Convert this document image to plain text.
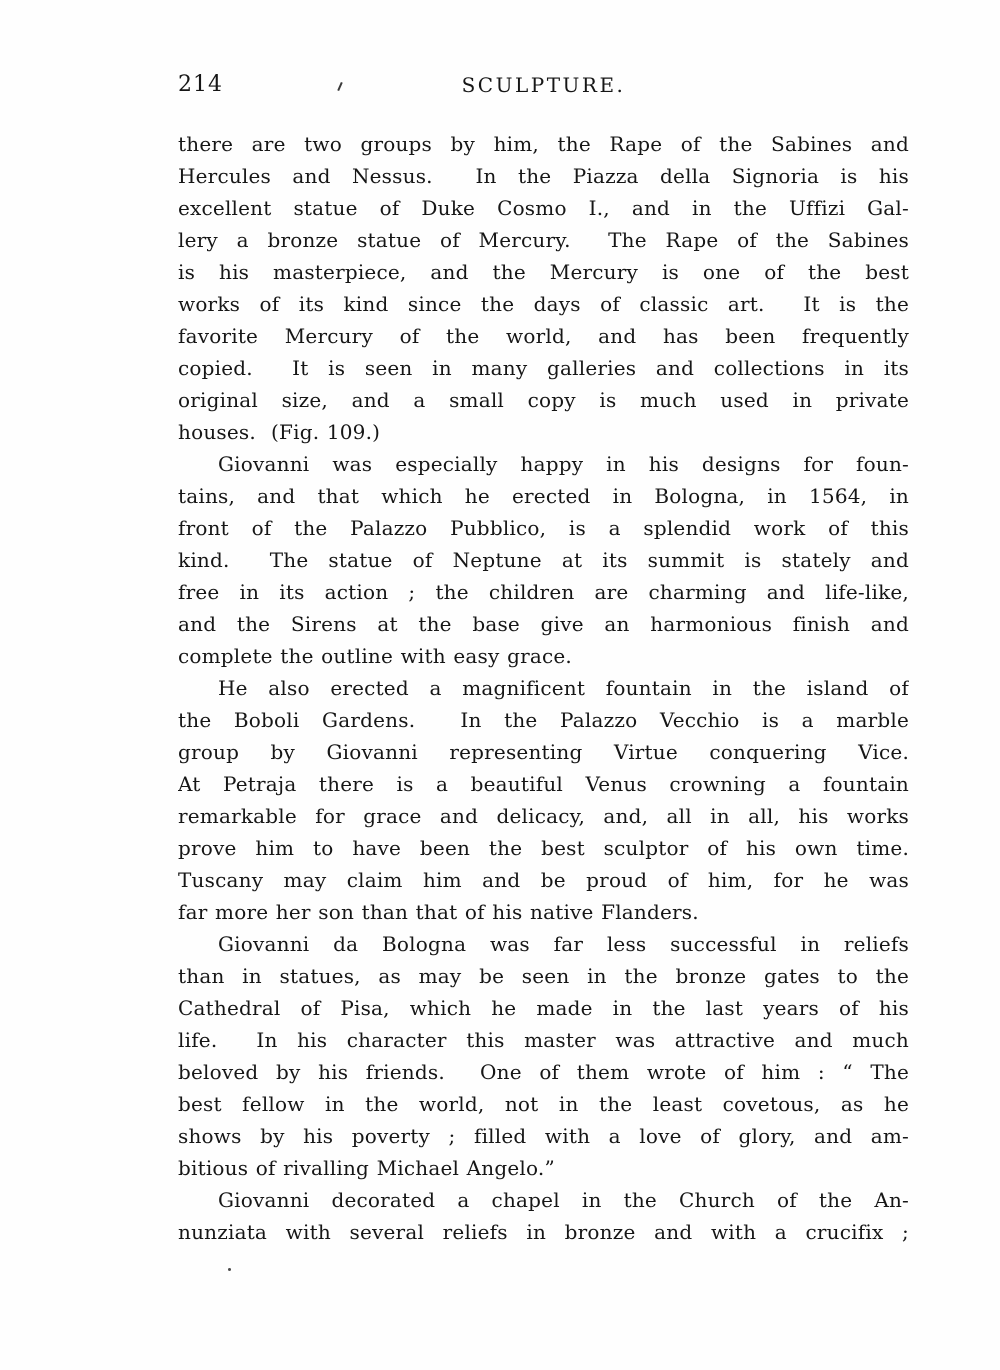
214	SCULPTURE.
there are two groups by him, the Rape of the Sabines and
Hercules and Nessus.  In the Piazza della Signoria is his
excellent statue of Duke Cosmo I., and in the Uffizi Gal-
lery a bronze statue of Mercury.  The Rape of the Sabines
is his masterpiece, and the Mercury is one of the best
works of its kind since the days of classic art.  It is the
favorite Mercury of the world, and has been frequently
copied.  It is seen in many galleries and collections in its
original size, and a small copy is much used in private
houses.  (Fig. 109.)
Giovanni was especially happy in his designs for foun-
tains, and that which he erected in Bologna, in 1564, in
front of the Palazzo Pubblico, is a splendid work of this
kind.  The statue of Neptune at its summit is stately and
free in its action ; the children are charming and life-like,
and the Sirens at the base give an harmonious finish and
complete the outline with easy grace.
He also erected a magnificent fountain in the island of
the Boboli Gardens.  In the Palazzo Vecchio is a marble
group by Giovanni representing Virtue conquering Vice.
At Petraja there is a beautiful Venus crowning a fountain
remarkable for grace and delicacy, and, all in all, his works
prove him to have been the best sculptor of his own time.
Tuscany may claim him and be proud of him, for he was
far more her son than that of his native Flanders.
Giovanni da Bologna was far less successful in reliefs
than in statues, as may be seen in the bronze gates to the
Cathedral of Pisa, which he made in the last years of his
life.  In his character this master was attractive and much
beloved by his friends.  One of them wrote of him : “ The
best fellow in the world, not in the least covetous, as he
shows by his poverty ; filled with a love of glory, and am-
bitious of rivalling Michael Angelo.”
Giovanni decorated a chapel in the Church of the An-
nunziata with several reliefs in bronze and with a crucifix ;
